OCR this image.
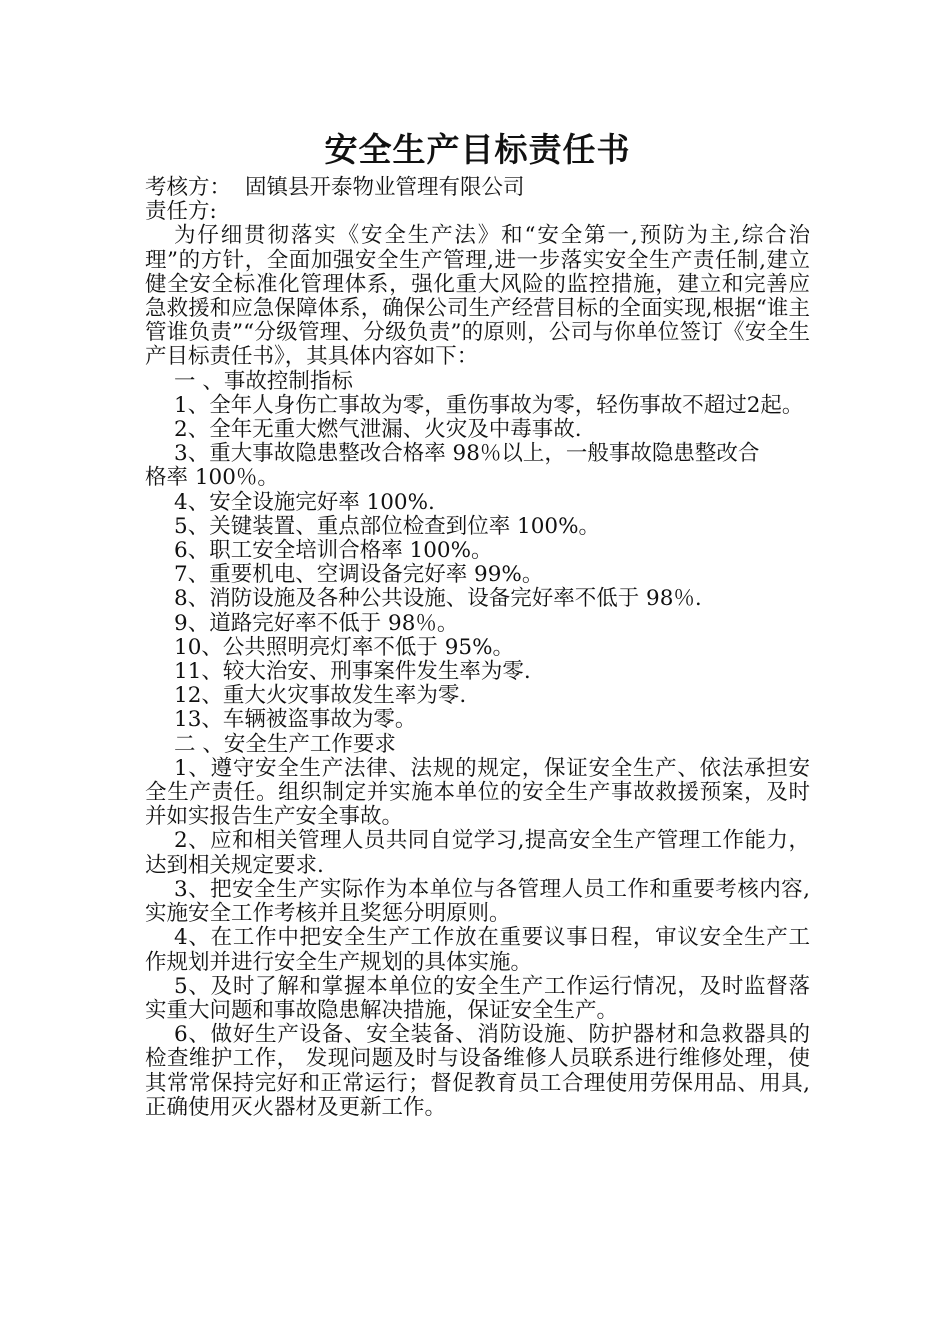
安全生产目标责任书
考核方： 固镇县开泰物业管理有限公司
责任方:

为仔细贯彻落实《安全生产法》和“安全第一,预防为主,综合治理”的方针，全面加强安全生产管理,进一步落实安全生产责任制,建立健全安全标准化管理体系，强化重大风险的监控措施，建立和完善应急救援和应急保障体系，确保公司生产经营目标的全面实现,根据“谁主管谁负责”“分级管理、分级负责”的原则，公司与你单位签订《安全生产目标责任书》，其具体内容如下：

一 、事故控制指标

1、全年人身伤亡事故为零，重伤事故为零，轻伤事故不超过2起。

2、全年无重大燃气泄漏、火灾及中毒事故.

3、重大事故隐患整改合格率 98％以上，一般事故隐患整改合

格率 100％。

4、安全设施完好率 100%.

5、关键装置、重点部位检查到位率 100%。

6、职工安全培训合格率 100%。

7、重要机电、空调设备完好率 99%。

8、消防设施及各种公共设施、设备完好率不低于 98％.

9、道路完好率不低于 98％。

10、公共照明亮灯率不低于 95%。

11、较大治安、刑事案件发生率为零.

12、重大火灾事故发生率为零.

13、车辆被盗事故为零。

二 、安全生产工作要求

1、遵守安全生产法律、法规的规定，保证安全生产、依法承担安全生产责任。组织制定并实施本单位的安全生产事故救援预案，及时并如实报告生产安全事故。

2、应和相关管理人员共同自觉学习,提高安全生产管理工作能力，达到相关规定要求.

3、把安全生产实际作为本单位与各管理人员工作和重要考核内容,实施安全工作考核并且奖惩分明原则。

4、在工作中把安全生产工作放在重要议事日程，审议安全生产工作规划并进行安全生产规划的具体实施。

5、及时了解和掌握本单位的安全生产工作运行情况，及时监督落实重大问题和事故隐患解决措施，保证安全生产。

6、做好生产设备、安全装备、消防设施、防护器材和急救器具的检查维护工作， 发现问题及时与设备维修人员联系进行维修处理，使其常常保持完好和正常运行；督促教育员工合理使用劳保用品、用具,正确使用灭火器材及更新工作。
